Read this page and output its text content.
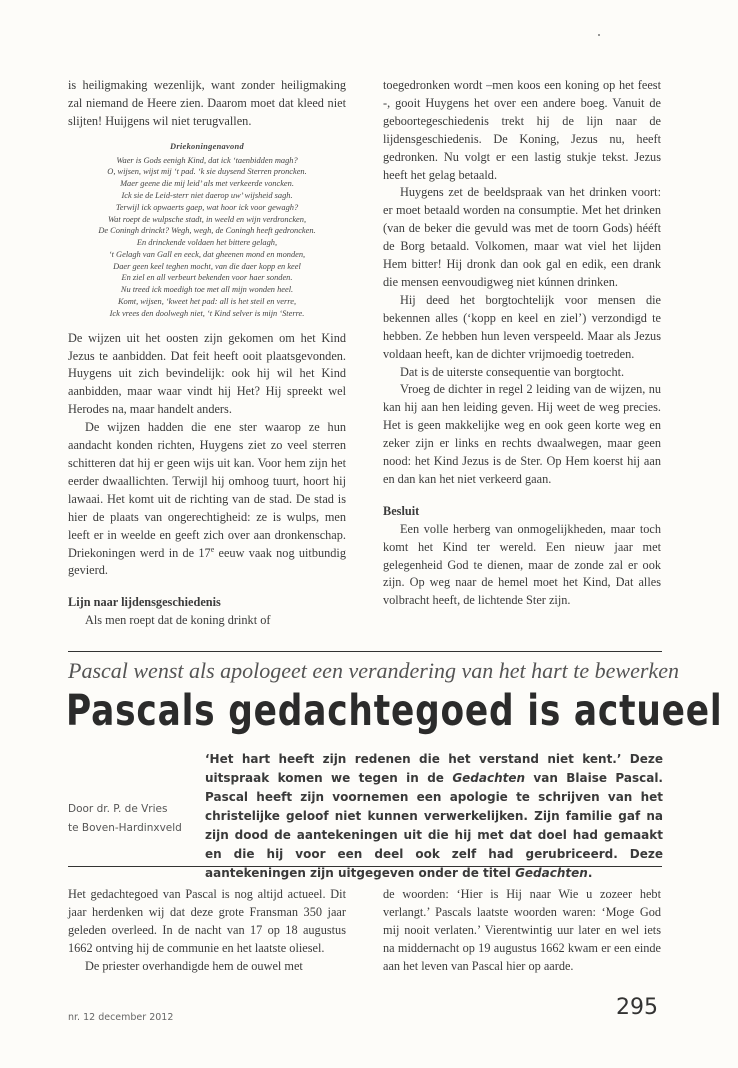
is heiligmaking wezenlijk, want zonder heiligmaking zal niemand de Heere zien. Daarom moet dat kleed niet slijten! Huijgens wil niet terugvallen.

Driekoningenavond
Waer is Gods eenigh Kind, dat ick ‘taenbidden magh?
O, wijsen, wijst mij ‘t pad. ‘k sie duysend Sterren proncken.
Maer geene die mij leid’ als met verkeerde voncken.
Ick sie de Leid-sterr niet daerop uw’ wijsheid sagh.
Terwijl ick opwaerts gaep, wat hoor ick voor gewagh?
Wat roept de wulpsche stadt, in weeld en wijn verdroncken,
De Coningh drinckt? Wegh, wegh, de Coningh heeft gedroncken.
En drinckende voldaen het bittere gelagh,
‘t Gelagh van Gall en eeck, dat gheenen mond en monden,
Daer geen keel teghen mocht, van die daer kopp en keel
En ziel en all verbeurt bekenden voor haer sonden.
Nu treed ick moedigh toe met all mijn wonden heel.
Komt, wijsen, ‘kweet het pad: all is het steil en verre,
Ick vrees den doolwegh niet, ‘t Kind selver is mijn ‘Sterre.

De wijzen uit het oosten zijn gekomen om het Kind Jezus te aanbidden. Dat feit heeft ooit plaatsgevonden. Huygens uit zich bevindelijk: ook hij wil het Kind aanbidden, maar waar vindt hij Het? Hij spreekt wel Herodes na, maar handelt anders.

De wijzen hadden die ene ster waarop ze hun aandacht konden richten, Huygens ziet zo veel sterren schitteren dat hij er geen wijs uit kan. Voor hem zijn het eerder dwaallichten. Terwijl hij omhoog tuurt, hoort hij lawaai. Het komt uit de richting van de stad. De stad is hier de plaats van ongerechtigheid: ze is wulps, men leeft er in weelde en geeft zich over aan dronkenschap. Driekoningen werd in de 17e eeuw vaak nog uitbundig gevierd.

Lijn naar lijdensgeschiedenis

Als men roept dat de koning drinkt of

toegedronken wordt –men koos een koning op het feest -, gooit Huygens het over een andere boeg. Vanuit de geboortegeschiedenis trekt hij de lijn naar de lijdensgeschiedenis. De Koning, Jezus nu, heeft gedronken. Nu volgt er een lastig stukje tekst. Jezus heeft het gelag betaald.

Huygens zet de beeldspraak van het drinken voort: er moet betaald worden na consumptie. Met het drinken (van de beker die gevuld was met de toorn Gods) hééft de Borg betaald. Volkomen, maar wat viel het lijden Hem bitter! Hij dronk dan ook gal en edik, een drank die mensen eenvoudigweg niet kúnnen drinken.

Hij deed het borgtochtelijk voor mensen die bekennen alles (‘kopp en keel en ziel’) verzondigd te hebben. Ze hebben hun leven verspeeld. Maar als Jezus voldaan heeft, kan de dichter vrijmoedig toetreden.

Dat is de uiterste consequentie van borgtocht.

Vroeg de dichter in regel 2 leiding van de wijzen, nu kan hij aan hen leiding geven. Hij weet de weg precies. Het is geen makkelijke weg en ook geen korte weg en zeker zijn er links en rechts dwaalwegen, maar geen nood: het Kind Jezus is de Ster. Op Hem koerst hij aan en dan kan het niet verkeerd gaan.

Besluit

Een volle herberg van onmogelijkheden, maar toch komt het Kind ter wereld. Een nieuw jaar met gelegenheid God te dienen, maar de zonde zal er ook zijn. Op weg naar de hemel moet het Kind, Dat alles volbracht heeft, de lichtende Ster zijn.

Pascal wenst als apologeet een verandering van het hart te bewerken
Pascals gedachtegoed is actueel
‘Het hart heeft zijn redenen die het verstand niet kent.’ Deze uitspraak komen we tegen in de Gedachten van Blaise Pascal. Pascal heeft zijn voornemen een apologie te schrijven van het christelijke geloof niet kunnen verwerkelijken. Zijn familie gaf na zijn dood de aantekeningen uit die hij met dat doel had gemaakt en die hij voor een deel ook zelf had gerubriceerd. Deze aantekeningen zijn uitgegeven onder de titel Gedachten.
Door dr. P. de Vries
te Boven-Hardinxveld

Het gedachtegoed van Pascal is nog altijd actueel. Dit jaar herdenken wij dat deze grote Fransman 350 jaar geleden overleed. In de nacht van 17 op 18 augustus 1662 ontving hij de communie en het laatste oliesel.

De priester overhandigde hem de ouwel met

de woorden: ‘Hier is Hij naar Wie u zozeer hebt verlangt.’ Pascals laatste woorden waren: ‘Moge God mij nooit verlaten.’ Vierentwintig uur later en wel iets na middernacht op 19 augustus 1662 kwam er een einde aan het leven van Pascal hier op aarde.

nr. 12 december 2012	295
